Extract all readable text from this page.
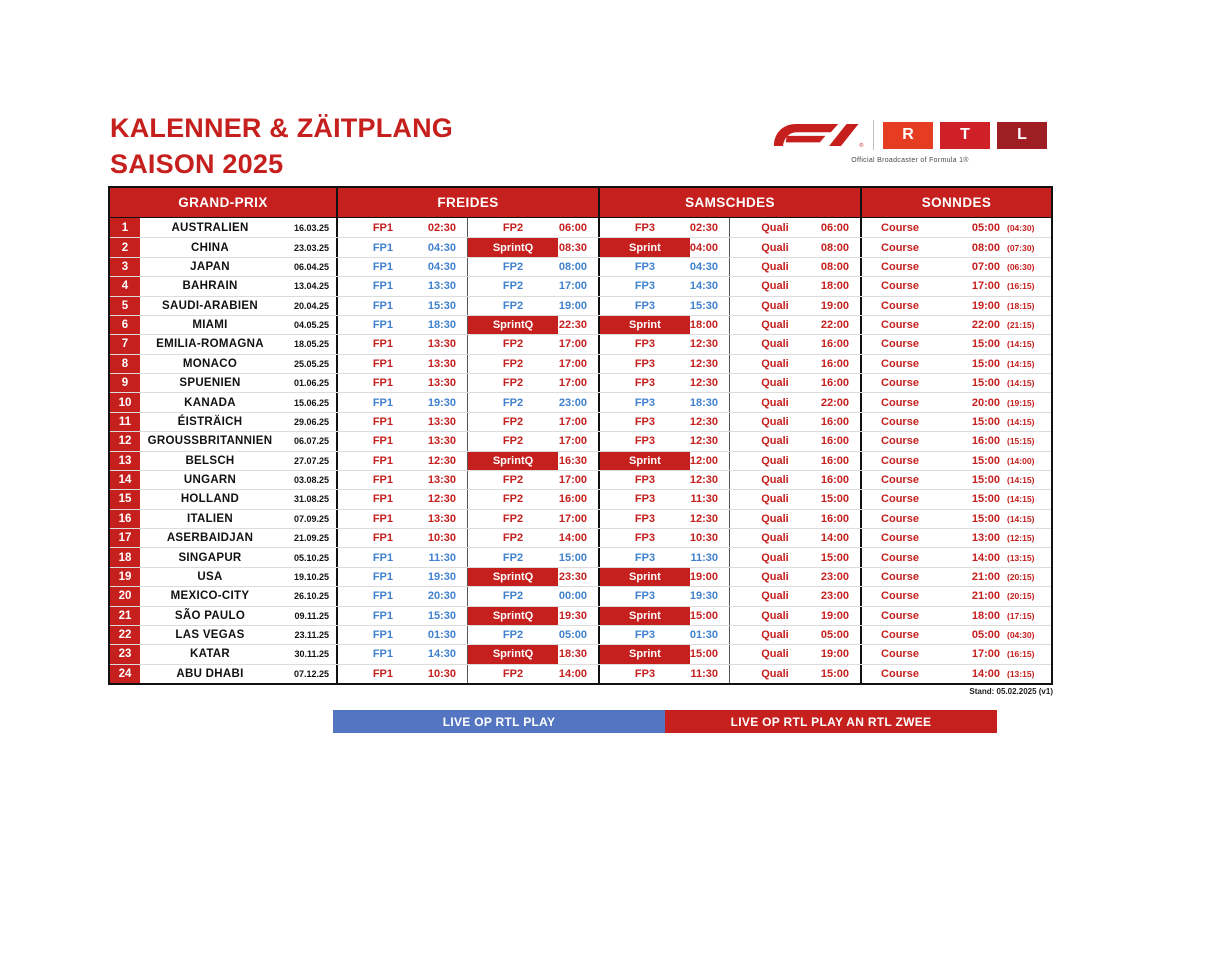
KALENNER & ZÄITPLANG
SAISON 2025
®
R	T	L
Official Broadcaster of Formula 1®
GRAND-PRIX	FREIDES	SAMSCHDES	SONNDES
1	AUSTRALIEN	16.03.25	FP1	02:30	FP2	06:00	FP3	02:30	Quali	06:00	Course	05:00 (04:30)
2	CHINA	23.03.25	FP1	04:30	SprintQ	08:30	Sprint	04:00	Quali	08:00	Course	08:00 (07:30)
3	JAPAN	06.04.25	FP1	04:30	FP2	08:00	FP3	04:30	Quali	08:00	Course	07:00 (06:30)
4	BAHRAIN	13.04.25	FP1	13:30	FP2	17:00	FP3	14:30	Quali	18:00	Course	17:00 (16:15)
5	SAUDI-ARABIEN	20.04.25	FP1	15:30	FP2	19:00	FP3	15:30	Quali	19:00	Course	19:00 (18:15)
6	MIAMI	04.05.25	FP1	18:30	SprintQ	22:30	Sprint	18:00	Quali	22:00	Course	22:00 (21:15)
7	EMILIA-ROMAGNA	18.05.25	FP1	13:30	FP2	17:00	FP3	12:30	Quali	16:00	Course	15:00 (14:15)
8	MONACO	25.05.25	FP1	13:30	FP2	17:00	FP3	12:30	Quali	16:00	Course	15:00 (14:15)
9	SPUENIEN	01.06.25	FP1	13:30	FP2	17:00	FP3	12:30	Quali	16:00	Course	15:00 (14:15)
10	KANADA	15.06.25	FP1	19:30	FP2	23:00	FP3	18:30	Quali	22:00	Course	20:00 (19:15)
11	ÉISTRÄICH	29.06.25	FP1	13:30	FP2	17:00	FP3	12:30	Quali	16:00	Course	15:00 (14:15)
12	GROUSSBRITANNIEN	06.07.25	FP1	13:30	FP2	17:00	FP3	12:30	Quali	16:00	Course	16:00 (15:15)
13	BELSCH	27.07.25	FP1	12:30	SprintQ	16:30	Sprint	12:00	Quali	16:00	Course	15:00 (14:00)
14	UNGARN	03.08.25	FP1	13:30	FP2	17:00	FP3	12:30	Quali	16:00	Course	15:00 (14:15)
15	HOLLAND	31.08.25	FP1	12:30	FP2	16:00	FP3	11:30	Quali	15:00	Course	15:00 (14:15)
16	ITALIEN	07.09.25	FP1	13:30	FP2	17:00	FP3	12:30	Quali	16:00	Course	15:00 (14:15)
17	ASERBAIDJAN	21.09.25	FP1	10:30	FP2	14:00	FP3	10:30	Quali	14:00	Course	13:00 (12:15)
18	SINGAPUR	05.10.25	FP1	11:30	FP2	15:00	FP3	11:30	Quali	15:00	Course	14:00 (13:15)
19	USA	19.10.25	FP1	19:30	SprintQ	23:30	Sprint	19:00	Quali	23:00	Course	21:00 (20:15)
20	MEXICO-CITY	26.10.25	FP1	20:30	FP2	00:00	FP3	19:30	Quali	23:00	Course	21:00 (20:15)
21	SÃO PAULO	09.11.25	FP1	15:30	SprintQ	19:30	Sprint	15:00	Quali	19:00	Course	18:00 (17:15)
22	LAS VEGAS	23.11.25	FP1	01:30	FP2	05:00	FP3	01:30	Quali	05:00	Course	05:00 (04:30)
23	KATAR	30.11.25	FP1	14:30	SprintQ	18:30	Sprint	15:00	Quali	19:00	Course	17:00 (16:15)
24	ABU DHABI	07.12.25	FP1	10:30	FP2	14:00	FP3	11:30	Quali	15:00	Course	14:00 (13:15)
Stand: 05.02.2025 (v1)
LIVE OP RTL PLAY	LIVE OP RTL PLAY AN RTL ZWEE
